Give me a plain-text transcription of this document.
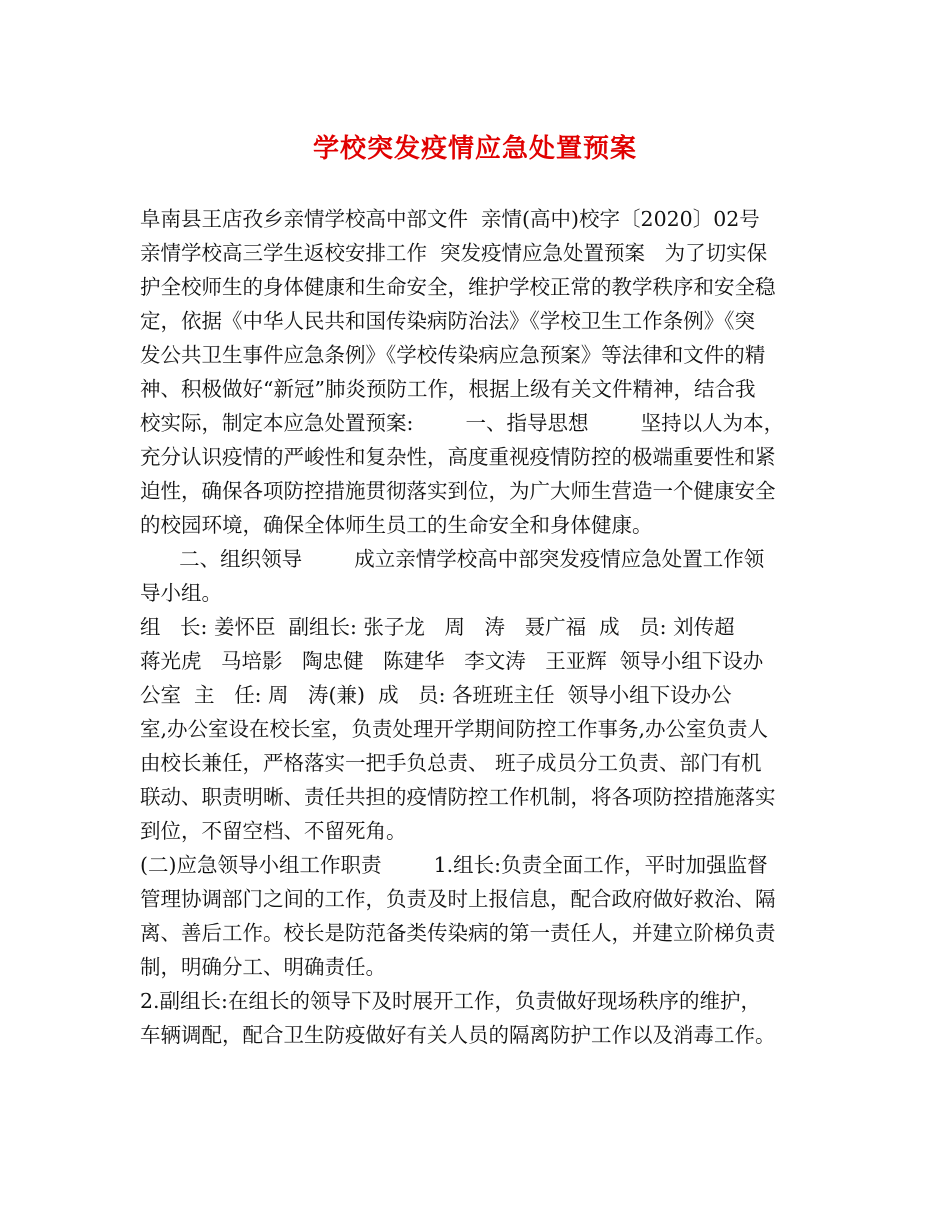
学校突发疫情应急处置预案
阜南县王店孜乡亲情学校高中部文件  亲情(高中)校字〔2020〕02号
亲情学校高三学生返校安排工作  突发疫情应急处置预案   为了切实保
护全校师生的身体健康和生命安全，维护学校正常的教学秩序和安全稳
定，依据《中华人民共和国传染病防治法》《学校卫生工作条例》《突
发公共卫生事件应急条例》《学校传染病应急预案》等法律和文件的精
神、积极做好“新冠”肺炎预防工作，根据上级有关文件精神，结合我
校实际，制定本应急处置预案:        一、指导思想        坚持以人为本，
充分认识疫情的严峻性和复杂性，高度重视疫情防控的极端重要性和紧
迫性，确保各项防控措施贯彻落实到位，为广大师生营造一个健康安全
的校园环境，确保全体师生员工的生命安全和身体健康。
二、组织领导        成立亲情学校高中部突发疫情应急处置工作领
导小组。
组   长: 姜怀臣  副组长: 张子龙   周   涛   聂广福  成   员: 刘传超
蒋光虎   马培影   陶忠健   陈建华   李文涛   王亚辉  领导小组下设办
公室  主   任: 周   涛(兼)  成   员: 各班班主任  领导小组下设办公
室,办公室设在校长室，负责处理开学期间防控工作事务,办公室负责人
由校长兼任，严格落实一把手负总责、 班子成员分工负责、部门有机
联动、职责明晰、责任共担的疫情防控工作机制，将各项防控措施落实
到位，不留空档、不留死角。
(二)应急领导小组工作职责        1.组长:负责全面工作，平时加强监督
管理协调部门之间的工作，负责及时上报信息，配合政府做好救治、隔
离、善后工作。校长是防范备类传染病的第一责任人，并建立阶梯负责
制，明确分工、明确责任。
2.副组长:在组长的领导下及时展开工作，负责做好现场秩序的维护，
车辆调配，配合卫生防疫做好有关人员的隔离防护工作以及消毒工作。
